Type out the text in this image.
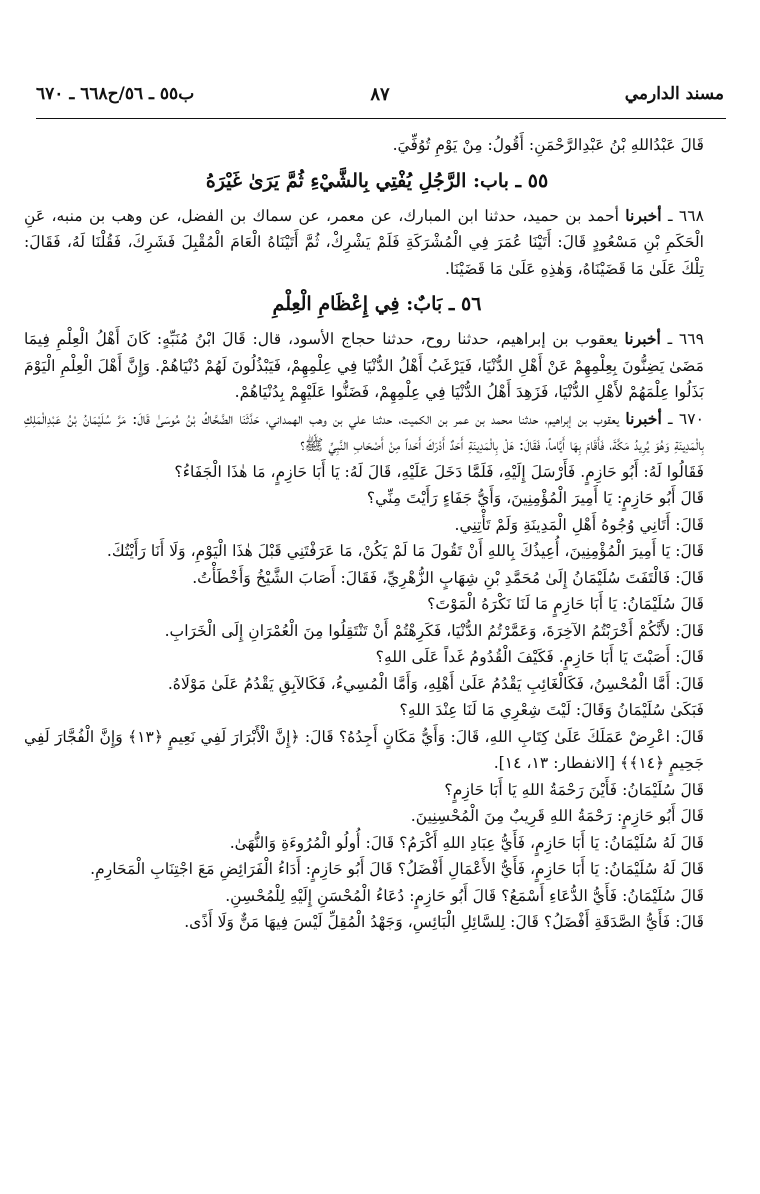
مسند الدارمي
٨٧
ب٥٥ ـ ٥٦/ح٦٦٨ ـ ٦٧٠

قَالَ عَبْدُاللهِ بْنُ عَبْدِالرَّحْمَنِ: أَقُولُ: مِنْ يَوْمِ تُوُفِّيَ.

٥٥ ـ باب: الرَّجُلِ يُفْتِي بِالشَّيْءِ ثُمَّ يَرَىٰ غَيْرَهُ

٦٦٨ ـ أخبرنا أحمد بن حميد، حدثنا ابن المبارك، عن معمر، عن سماك بن الفضل، عن وهب بن منبه، عَنِ الْحَكَمِ بْنِ مَسْعُودٍ قَالَ: أَتَيْنَا عُمَرَ فِي الْمُشْرَكَةِ فَلَمْ يَشْرِكْ، ثُمَّ أَتَيْنَاهُ الْعَامَ الْمُقْبِلَ فَشَرِكَ، فَقُلْنَا لَهُ، فَقَالَ: تِلْكَ عَلَىٰ مَا قَضَيْنَاهُ، وَهٰذِهِ عَلَىٰ مَا قَضَيْنَا.

٥٦ ـ بَابٌ: فِي إِعْظَامِ الْعِلْمِ

٦٦٩ ـ أخبرنا يعقوب بن إبراهيم، حدثنا روح، حدثنا حجاج الأسود، قال: قَالَ ابْنُ مُنَبِّهٍ: كَانَ أَهْلُ الْعِلْمِ فِيمَا مَضَىٰ يَضِنُّونَ بِعِلْمِهِمْ عَنْ أَهْلِ الدُّنْيَا، فَيَرْغَبُ أَهْلُ الدُّنْيَا فِي عِلْمِهِمْ، فَيَبْذُلُونَ لَهُمْ دُنْيَاهُمْ. وَإِنَّ أَهْلَ الْعِلْمِ الْيَوْمَ بَذَلُوا عِلْمَهُمْ لأَهْلِ الدُّنْيَا، فَزَهِدَ أَهْلُ الدُّنْيَا فِي عِلْمِهِمْ، فَضَنُّوا عَلَيْهِمْ بِدُنْيَاهُمْ.

٦٧٠ ـ أخبرنا يعقوب بن إبراهيم، حدثنا محمد بن عمر بن الكميت، حدثنا علي بن وهب الهمداني، حَدَّثَنَا الضَّحَّاكُ بْنُ مُوسَىٰ قَالَ: مَرَّ سُلَيْمَانُ بْنُ عَبْدِالْمَلِكِ بِالْمَدِينَةِ وَهُوَ يُرِيدُ مَكَّةَ، فَأَقَامَ بِهَا أَيَّاماً، فَقَالَ: هَلْ بِالْمَدِينَةِ أَحَدٌ أَدْرَكَ أَحَداً مِنْ أَصْحَابِ النَّبِيِّ ﷺ؟

فَقَالُوا لَهُ: أَبُو حَازِمٍ. فَأَرْسَلَ إِلَيْهِ، فَلَمَّا دَخَلَ عَلَيْهِ، قَالَ لَهُ: يَا أَبَا حَازِمٍ، مَا هٰذَا الْجَفَاءُ؟

قَالَ أَبُو حَازِمٍ: يَا أَمِيرَ الْمُؤْمِنِينَ، وَأَيُّ جَفَاءٍ رَأَيْتَ مِنِّي؟

قَالَ: أَتَانِي وُجُوهُ أَهْلِ الْمَدِينَةِ وَلَمْ تَأْتِنِي.

قَالَ: يَا أَمِيرَ الْمُؤْمِنِينَ، أُعِيذُكَ بِاللهِ أَنْ تَقُولَ مَا لَمْ يَكُنْ، مَا عَرَفْتَنِي قَبْلَ هٰذَا الْيَوْمِ، وَلَا أَنَا رَأَيْتُكَ.

قَالَ: فَالْتَفَتَ سُلَيْمَانُ إِلَىٰ مُحَمَّدِ بْنِ شِهَابٍ الزُّهْرِيِّ، فَقَالَ: أَصَابَ الشَّيْخُ وَأَخْطَأْتُ.

قَالَ سُلَيْمَانُ: يَا أَبَا حَازِمٍ مَا لَنَا نَكْرَهُ الْمَوْتَ؟

قَالَ: لأَنَّكُمْ أَخْرَبْتُمُ الآخِرَةَ، وَعَمَّرْتُمُ الدُّنْيَا، فَكَرِهْتُمْ أَنْ تَنْتَقِلُوا مِنَ الْعُمْرَانِ إِلَى الْخَرَابِ.

قَالَ: أَصَبْتَ يَا أَبَا حَازِمٍ. فَكَيْفَ الْقُدُومُ غَداً عَلَى اللهِ؟

قَالَ: أَمَّا الْمُحْسِنُ، فَكَالْغَائِبِ يَقْدُمُ عَلَىٰ أَهْلِهِ، وَأَمَّا الْمُسِيءُ، فَكَالآبِقِ يَقْدُمُ عَلَىٰ مَوْلَاهُ.

فَبَكَىٰ سُلَيْمَانُ وَقَالَ: لَيْتَ شِعْرِي مَا لَنَا عِنْدَ اللهِ؟

قَالَ: اعْرِضْ عَمَلَكَ عَلَىٰ كِتَابِ اللهِ، قَالَ: وَأَيُّ مَكَانٍ أَجِدُهُ؟ قَالَ: ﴿إِنَّ الْأَبْرَارَ لَفِي نَعِيمٍ ﴿١٣﴾ وَإِنَّ الْفُجَّارَ لَفِي جَحِيمٍ ﴿١٤﴾﴾ [الانفطار: ١٣، ١٤].

قَالَ سُلَيْمَانُ: فَأَيْنَ رَحْمَةُ اللهِ يَا أَبَا حَازِمٍ؟

قَالَ أَبُو حَازِمٍ: رَحْمَةُ اللهِ قَرِيبٌ مِنَ الْمُحْسِنِينَ.

قَالَ لَهُ سُلَيْمَانُ: يَا أَبَا حَازِمٍ، فَأَيُّ عِبَادِ اللهِ أَكْرَمُ؟ قَالَ: أُولُو الْمُرُوءَةِ وَالنُّهَىٰ.

قَالَ لَهُ سُلَيْمَانُ: يَا أَبَا حَازِمٍ، فَأَيُّ الأَعْمَالِ أَفْضَلُ؟ قَالَ أَبُو حَازِمٍ: أَدَاءُ الْفَرَائِضِ مَعَ اجْتِنَابِ الْمَحَارِمِ.

قَالَ سُلَيْمَانُ: فَأَيُّ الدُّعَاءِ أَسْمَعُ؟ قَالَ أَبُو حَازِمٍ: دُعَاءُ الْمُحْسَنِ إِلَيْهِ لِلْمُحْسِنِ.

قَالَ: فَأَيُّ الصَّدَقَةِ أَفْضَلُ؟ قَالَ: لِلسَّائِلِ الْبَائِسِ، وَجَهْدُ الْمُقِلِّ لَيْسَ فِيهَا مَنٌّ وَلَا أَذًى.
